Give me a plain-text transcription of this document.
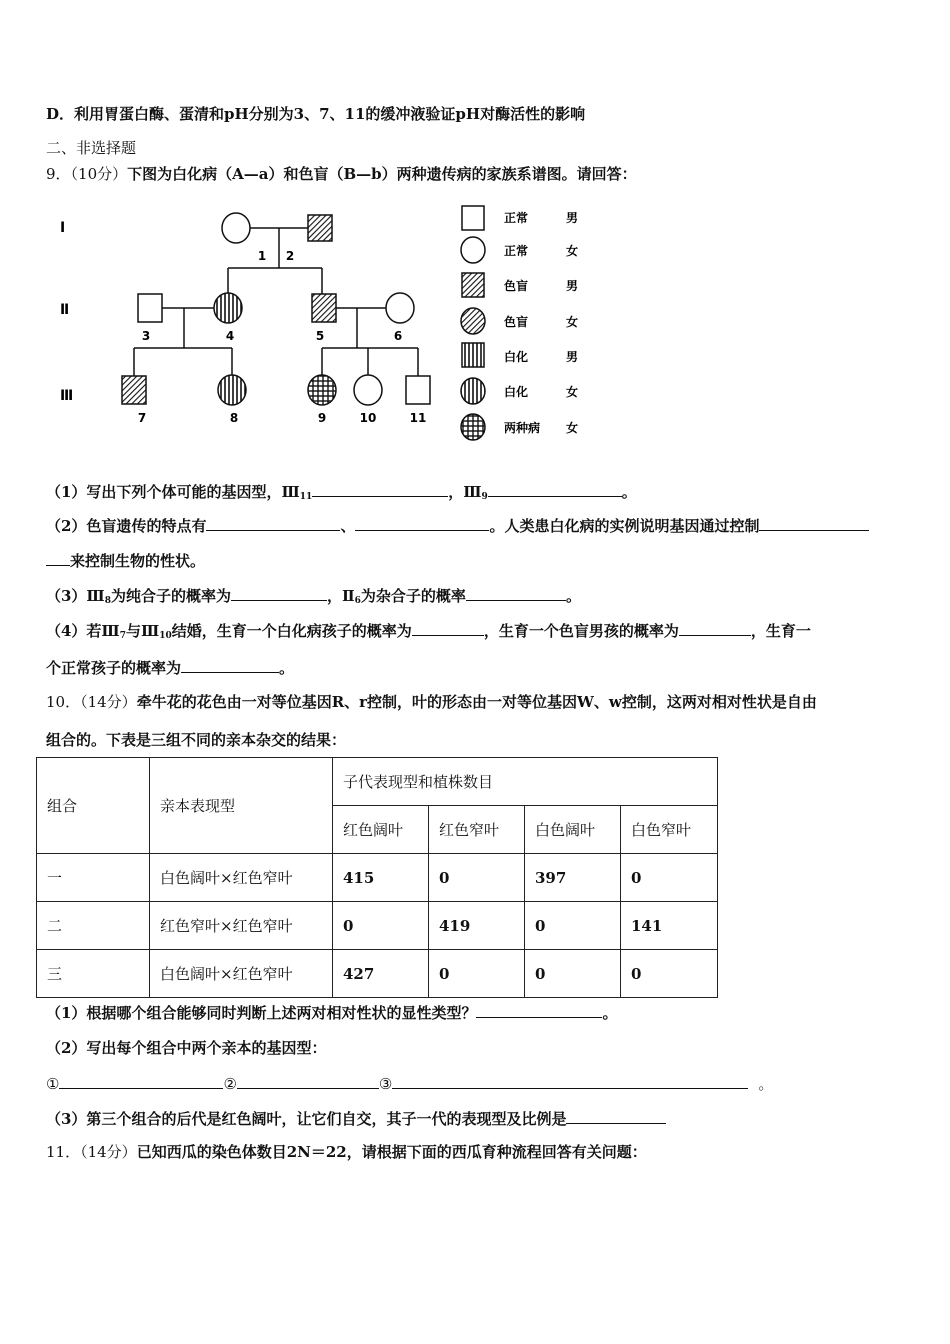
D．利用胃蛋白酶、蛋清和pH分别为3、7、11的缓冲液验证pH对酶活性的影响
二、非选择题
9．（10分）下图为白化病（A—a）和色盲（B—b）两种遗传病的家族系谱图。请回答：
I
Ⅱ
Ⅲ
1 2
3	4	5	6
7	8	9	10	11
正常	男
正常	女
色盲	男
色盲	女
白化	男
白化	女
两种病 女
（1）写出下列个体可能的基因型，$Ⅲ_{11}$	，$Ⅲ_9$	。
（2）色盲遗传的特点有	、	。人类患白化病的实例说明基因通过控制
来控制生物的性状。
$(3)Ⅲ_8$为纯合子的概率为	，$Ⅱ_6$为杂合子的概率	。
（4）若$Ⅲ_7$与$Ⅲ_{10}$结婚，生育一个白化病孩子的概率为	，生育一个色盲男孩的概率为	，生育一
个正常孩子的概率为	。
10．（14分）牵牛花的花色由一对等位基因R、r控制，叶的形态由一对等位基因W、w控制，这两对相对性状是自由
组合的。下表是三组不同的亲本杂交的结果：
组合	亲本表现型	子代表现型和植株数目			
		红色阔叶	红色窄叶	白色阔叶	白色窄叶
一	白色阔叶×红色窄叶	415	0	397	0
二	红色窄叶×红色窄叶	0	419	0	141
三	白色阔叶×红色窄叶	427	0	0	0
（1）根据哪个组合能够同时判断上述两对相对性状的显性类型？	。
（2）写出每个组合中两个亲本的基因型：
①	②	③	。
（3）第三个组合的后代是红色阔叶，让它们自交，其子一代的表现型及比例是
11．（14分）已知西瓜的染色体数目2N＝22，请根据下面的西瓜育种流程回答有关问题：
